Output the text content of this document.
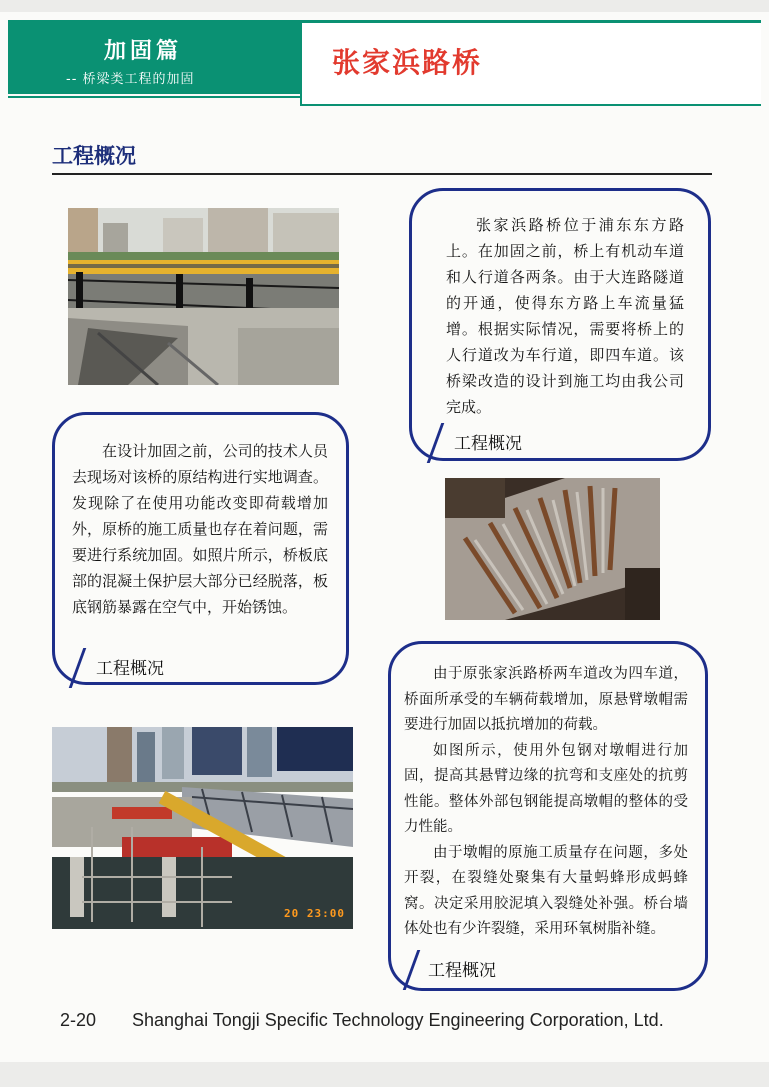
加固篇
-- 桥梁类工程的加固
张家浜路桥
工程概况

张家浜路桥位于浦东东方路上。在加固之前，桥上有机动车道和人行道各两条。由于大连路隧道的开通，使得东方路上车流量猛增。根据实际情况，需要将桥上的人行道改为车行道，即四车道。该桥梁改造的设计到施工均由我公司完成。

工程概况

在设计加固之前，公司的技术人员去现场对该桥的原结构进行实地调查。发现除了在使用功能改变即荷载增加外，原桥的施工质量也存在着问题，需要进行系统加固。如照片所示，桥板底部的混凝土保护层大部分已经脱落，板底钢筋暴露在空气中，开始锈蚀。

工程概况
20 23:00

由于原张家浜路桥两车道改为四车道，桥面所承受的车辆荷载增加，原悬臂墩帽需要进行加固以抵抗增加的荷载。

如图所示，使用外包钢对墩帽进行加固，提高其悬臂边缘的抗弯和支座处的抗剪性能。整体外部包钢能提高墩帽的整体的受力性能。

由于墩帽的原施工质量存在问题，多处开裂，在裂缝处聚集有大量蚂蜂形成蚂蜂窝。决定采用胶泥填入裂缝处补强。桥台墙体处也有少许裂缝，采用环氧树脂补缝。

工程概况
2-20 Shanghai Tongji Specific Technology Engineering Corporation, Ltd.
